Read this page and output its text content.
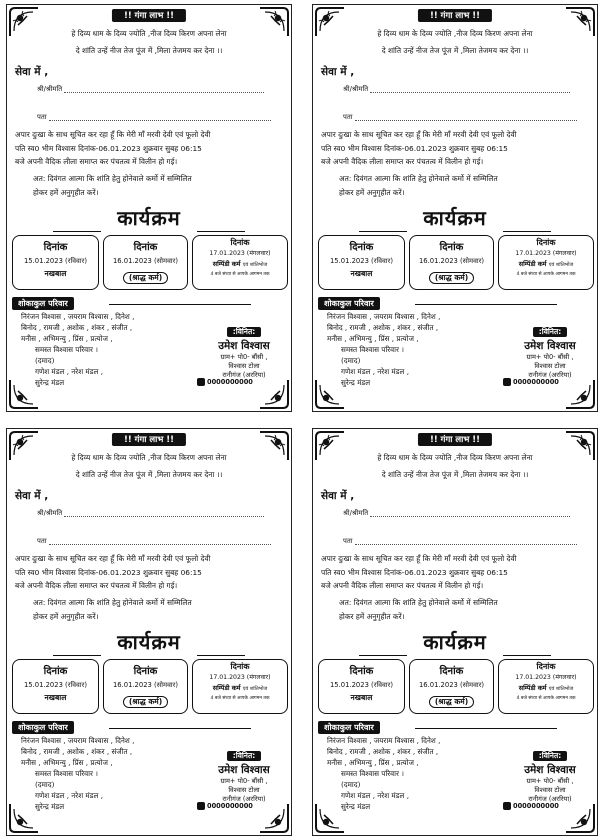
!! गंगा लाभ !!
हे दिव्य धाम के दिव्य ज्योति ,नीज दिव्य किरण अपना लेना
दे शांति उन्हें नीज तेज पूंज में ,मिला तेजमय कर देना ।।
सेवा में ,
श्री/श्रीमति
पता
अपार दुःखा के साथ सूचित कर रहा हूँ कि मेरी माँ मरवी देवी एवं फूलो देवी
पति स्व0 भीम विश्वास दिनांक-06.01.2023 शुक्रवार सुबह 06:15
बजे अपनी वैदिक लीला समाप्त कर पंचतत्व में विलीन हो गई।
अत: दिवंगत आत्मा कि शांति हेतु होनेवाले कर्मो में सम्मिलित
होकर हमें अनुगृहीत करें।
कार्यक्रम
दिनांक
15.01.2023 (रविवार)
नखबाल
दिनांक
16.01.2023 (सोमवार)
(श्राद्ध कर्म)
दिनांक
17.01.2023 (मंगलवार)
सम्पिंडी कर्म एवं शांतिभोज
4 बजे संध्या से आपके आगमन तक
शोकाकुल परिवार
निरंजन विश्वास , जयराम विश्वास , दिनेश ,
बिनोद , रामजी , अशोक , शंकर , संजीत ,
मनीस , अभिमन्यु , प्रिंस , प्रत्योज ,
समस्त विश्वास परिवार ।
(दमाद)
गणेश मंडल , नरेश मंडल ,
सुरेन्द्र मंडल
:विनित:
उमेश विश्वास
ग्राम+ पो0- बौंसी ,
विश्वास टोला
रानीगंज (अररिया)
0000000000
!! गंगा लाभ !!
हे दिव्य धाम के दिव्य ज्योति ,नीज दिव्य किरण अपना लेना
दे शांति उन्हें नीज तेज पूंज में ,मिला तेजमय कर देना ।।
सेवा में ,
श्री/श्रीमति
पता
अपार दुःखा के साथ सूचित कर रहा हूँ कि मेरी माँ मरवी देवी एवं फूलो देवी
पति स्व0 भीम विश्वास दिनांक-06.01.2023 शुक्रवार सुबह 06:15
बजे अपनी वैदिक लीला समाप्त कर पंचतत्व में विलीन हो गई।
अत: दिवंगत आत्मा कि शांति हेतु होनेवाले कर्मो में सम्मिलित
होकर हमें अनुगृहीत करें।
कार्यक्रम
दिनांक
15.01.2023 (रविवार)
नखबाल
दिनांक
16.01.2023 (सोमवार)
(श्राद्ध कर्म)
दिनांक
17.01.2023 (मंगलवार)
सम्पिंडी कर्म एवं शांतिभोज
4 बजे संध्या से आपके आगमन तक
शोकाकुल परिवार
निरंजन विश्वास , जयराम विश्वास , दिनेश ,
बिनोद , रामजी , अशोक , शंकर , संजीत ,
मनीस , अभिमन्यु , प्रिंस , प्रत्योज ,
समस्त विश्वास परिवार ।
(दमाद)
गणेश मंडल , नरेश मंडल ,
सुरेन्द्र मंडल
:विनित:
उमेश विश्वास
ग्राम+ पो0- बौंसी ,
विश्वास टोला
रानीगंज (अररिया)
0000000000
!! गंगा लाभ !!
हे दिव्य धाम के दिव्य ज्योति ,नीज दिव्य किरण अपना लेना
दे शांति उन्हें नीज तेज पूंज में ,मिला तेजमय कर देना ।।
सेवा में ,
श्री/श्रीमति
पता
अपार दुःखा के साथ सूचित कर रहा हूँ कि मेरी माँ मरवी देवी एवं फूलो देवी
पति स्व0 भीम विश्वास दिनांक-06.01.2023 शुक्रवार सुबह 06:15
बजे अपनी वैदिक लीला समाप्त कर पंचतत्व में विलीन हो गई।
अत: दिवंगत आत्मा कि शांति हेतु होनेवाले कर्मो में सम्मिलित
होकर हमें अनुगृहीत करें।
कार्यक्रम
दिनांक
15.01.2023 (रविवार)
नखबाल
दिनांक
16.01.2023 (सोमवार)
(श्राद्ध कर्म)
दिनांक
17.01.2023 (मंगलवार)
सम्पिंडी कर्म एवं शांतिभोज
4 बजे संध्या से आपके आगमन तक
शोकाकुल परिवार
निरंजन विश्वास , जयराम विश्वास , दिनेश ,
बिनोद , रामजी , अशोक , शंकर , संजीत ,
मनीस , अभिमन्यु , प्रिंस , प्रत्योज ,
समस्त विश्वास परिवार ।
(दमाद)
गणेश मंडल , नरेश मंडल ,
सुरेन्द्र मंडल
:विनित:
उमेश विश्वास
ग्राम+ पो0- बौंसी ,
विश्वास टोला
रानीगंज (अररिया)
0000000000
!! गंगा लाभ !!
हे दिव्य धाम के दिव्य ज्योति ,नीज दिव्य किरण अपना लेना
दे शांति उन्हें नीज तेज पूंज में ,मिला तेजमय कर देना ।।
सेवा में ,
श्री/श्रीमति
पता
अपार दुःखा के साथ सूचित कर रहा हूँ कि मेरी माँ मरवी देवी एवं फूलो देवी
पति स्व0 भीम विश्वास दिनांक-06.01.2023 शुक्रवार सुबह 06:15
बजे अपनी वैदिक लीला समाप्त कर पंचतत्व में विलीन हो गई।
अत: दिवंगत आत्मा कि शांति हेतु होनेवाले कर्मो में सम्मिलित
होकर हमें अनुगृहीत करें।
कार्यक्रम
दिनांक
15.01.2023 (रविवार)
नखबाल
दिनांक
16.01.2023 (सोमवार)
(श्राद्ध कर्म)
दिनांक
17.01.2023 (मंगलवार)
सम्पिंडी कर्म एवं शांतिभोज
4 बजे संध्या से आपके आगमन तक
शोकाकुल परिवार
निरंजन विश्वास , जयराम विश्वास , दिनेश ,
बिनोद , रामजी , अशोक , शंकर , संजीत ,
मनीस , अभिमन्यु , प्रिंस , प्रत्योज ,
समस्त विश्वास परिवार ।
(दमाद)
गणेश मंडल , नरेश मंडल ,
सुरेन्द्र मंडल
:विनित:
उमेश विश्वास
ग्राम+ पो0- बौंसी ,
विश्वास टोला
रानीगंज (अररिया)
0000000000
